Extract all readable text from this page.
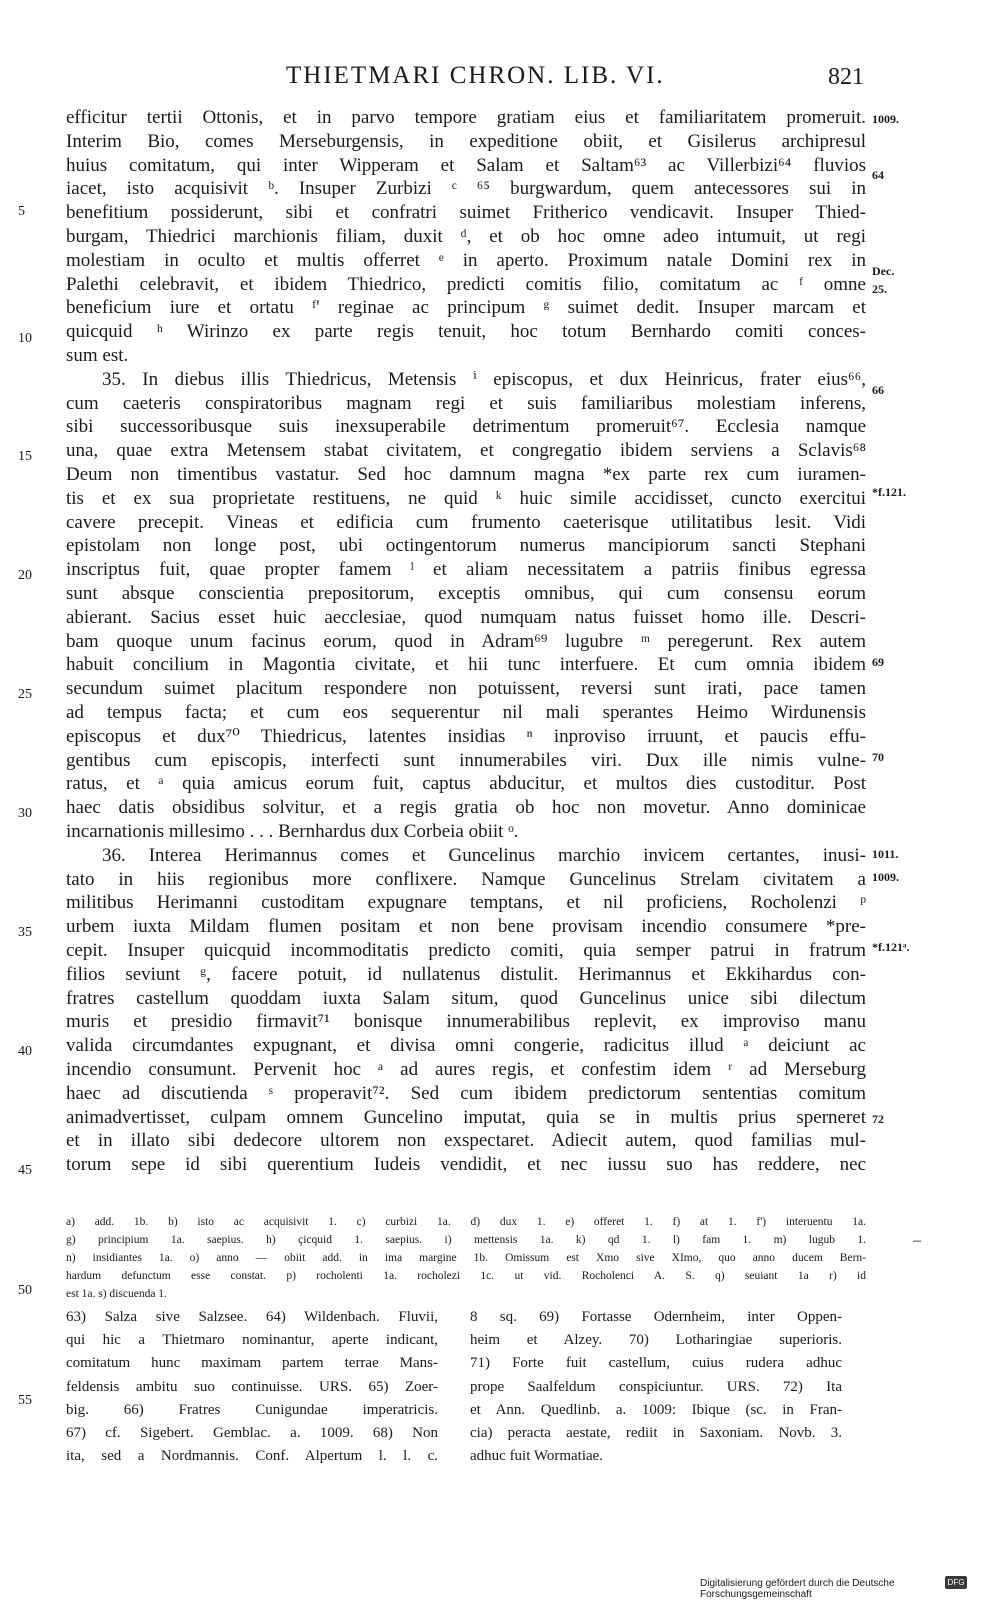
THIETMARI CHRON. LIB. VI.	821
efficitur tertii Ottonis, et in parvo tempore gratiam eius et familiaritatem promeruit.
Interim Bio, comes Merseburgensis, in expeditione obiit, et Gisilerus archipresul
huius comitatum, qui inter Wipperam et Salam et Saltam⁶³ ac Villerbizi⁶⁴ fluvios
iacet, isto acquisivit ᵇ. Insuper Zurbizi ᶜ ⁶⁵ burgwardum, quem antecessores sui in
benefitium possiderunt, sibi et confratri suimet Fritherico vendicavit. Insuper Thied-
burgam, Thiedrici marchionis filiam, duxit ᵈ, et ob hoc omne adeo intumuit, ut regi
molestiam in oculto et multis offerret ᵉ in aperto. Proximum natale Domini rex in
Palethi celebravit, et ibidem Thiedrico, predicti comitis filio, comitatum ac ᶠ omne
beneficium iure et ortatu ᶠ' reginae ac principum ᵍ suimet dedit. Insuper marcam et
quicquid ʰ Wirinzo ex parte regis tenuit, hoc totum Bernhardo comiti conces-
sum est.
35. In diebus illis Thiedricus, Metensis ⁱ episcopus, et dux Heinricus, frater eius⁶⁶,
cum caeteris conspiratoribus magnam regi et suis familiaribus molestiam inferens,
sibi successoribusque suis inexsuperabile detrimentum promeruit⁶⁷. Ecclesia namque
una, quae extra Metensem stabat civitatem, et congregatio ibidem serviens a Sclavis⁶⁸
Deum non timentibus vastatur. Sed hoc damnum magna *ex parte rex cum iuramen-
tis et ex sua proprietate restituens, ne quid ᵏ huic simile accidisset, cuncto exercitui
cavere precepit. Vineas et edificia cum frumento caeterisque utilitatibus lesit. Vidi
epistolam non longe post, ubi octingentorum numerus mancipiorum sancti Stephani
inscriptus fuit, quae propter famem ˡ et aliam necessitatem a patriis finibus egressa
sunt absque conscientia prepositorum, exceptis omnibus, qui cum consensu eorum
abierant. Sacius esset huic aecclesiae, quod numquam natus fuisset homo ille. Descri-
bam quoque unum facinus eorum, quod in Adram⁶⁹ lugubre ᵐ peregerunt. Rex autem
habuit concilium in Magontia civitate, et hii tunc interfuere. Et cum omnia ibidem
secundum suimet placitum respondere non potuissent, reversi sunt irati, pace tamen
ad tempus facta; et cum eos sequerentur nil mali sperantes Heimo Wirdunensis
episcopus et dux⁷⁰ Thiedricus, latentes insidias ⁿ inproviso irruunt, et paucis effu-
gentibus cum episcopis, interfecti sunt innumerabiles viri. Dux ille nimis vulne-
ratus, et ᵃ quia amicus eorum fuit, captus abducitur, et multos dies custoditur. Post
haec datis obsidibus solvitur, et a regis gratia ob hoc non movetur. Anno dominicae
incarnationis millesimo . . . Bernhardus dux Corbeia obiit ᵒ.
36. Interea Herimannus comes et Guncelinus marchio invicem certantes, inusi-
tato in hiis regionibus more conflixere. Namque Guncelinus Strelam civitatem a
militibus Herimanni custoditam expugnare temptans, et nil proficiens, Rocholenzi ᵖ
urbem iuxta Mildam flumen positam et non bene provisam incendio consumere *pre-
cepit. Insuper quicquid incommoditatis predicto comiti, quia semper patrui in fratrum
filios seviunt ᵍ, facere potuit, id nullatenus distulit. Herimannus et Ekkihardus con-
fratres castellum quoddam iuxta Salam situm, quod Guncelinus unice sibi dilectum
muris et presidio firmavit⁷¹ bonisque innumerabilibus replevit, ex improviso manu
valida circumdantes expugnant, et divisa omni congerie, radicitus illud ᵃ deiciunt ac
incendio consumunt. Pervenit hoc ᵃ ad aures regis, et confestim idem ʳ ad Merseburg
haec ad discutienda ˢ properavit⁷². Sed cum ibidem predictorum sententias comitum
animadvertisset, culpam omnem Guncelino imputat, quia se in multis prius sperneret
et in illato sibi dedecore ultorem non exspectaret. Adiecit autem, quod familias mul-
torum sepe id sibi querentium Iudeis vendidit, et nec iussu suo has reddere, nec
5
10
15
20
25
30
35
40
45
50
55
1009.
64
Dec.
25.
66
*f.121.
69
70
1011.
1009.
*f.121ᵃ.
72
a) add. 1b. b) isto ac acquisivit 1. c) curbizi 1a. d) dux 1. e) offeret 1. f) at 1. f') interuentu 1a.
g) principium 1a. saepius. h) çicquid 1. saepius. i) mettensis 1a. k) qd 1. l) fam 1. m) lugub 1.
n) insidiantes 1a. o) anno — obiit add. in ima margine 1b. Omissum est Xmo sive XImo, quo anno ducem Bern-
hardum defunctum esse constat. p) rocholenti 1a. rocholezi 1c. ut vid. Rocholenci A. S. q) seuiant 1a r) id
est 1a. s) discuenda 1.
–
63) Salza sive Salzsee. 64) Wildenbach. Fluvii,
qui hic a Thietmaro nominantur, aperte indicant,
comitatum hunc maximam partem terrae Mans-
feldensis ambitu suo continuisse. URS. 65) Zoer-
big. 66) Fratres Cunigundae imperatricis.
67) cf. Sigebert. Gemblac. a. 1009. 68) Non
ita, sed a Nordmannis. Conf. Alpertum l. l. c.
8 sq. 69) Fortasse Odernheim, inter Oppen-
heim et Alzey. 70) Lotharingiae superioris.
71) Forte fuit castellum, cuius rudera adhuc
prope Saalfeldum conspiciuntur. URS. 72) Ita
et Ann. Quedlinb. a. 1009: Ibique (sc. in Fran-
cia) peracta aestate, rediit in Saxoniam. Novb. 3.
adhuc fuit Wormatiae.
Digitalisierung gefördert durch die Deutsche Forschungsgemeinschaft
DFG
